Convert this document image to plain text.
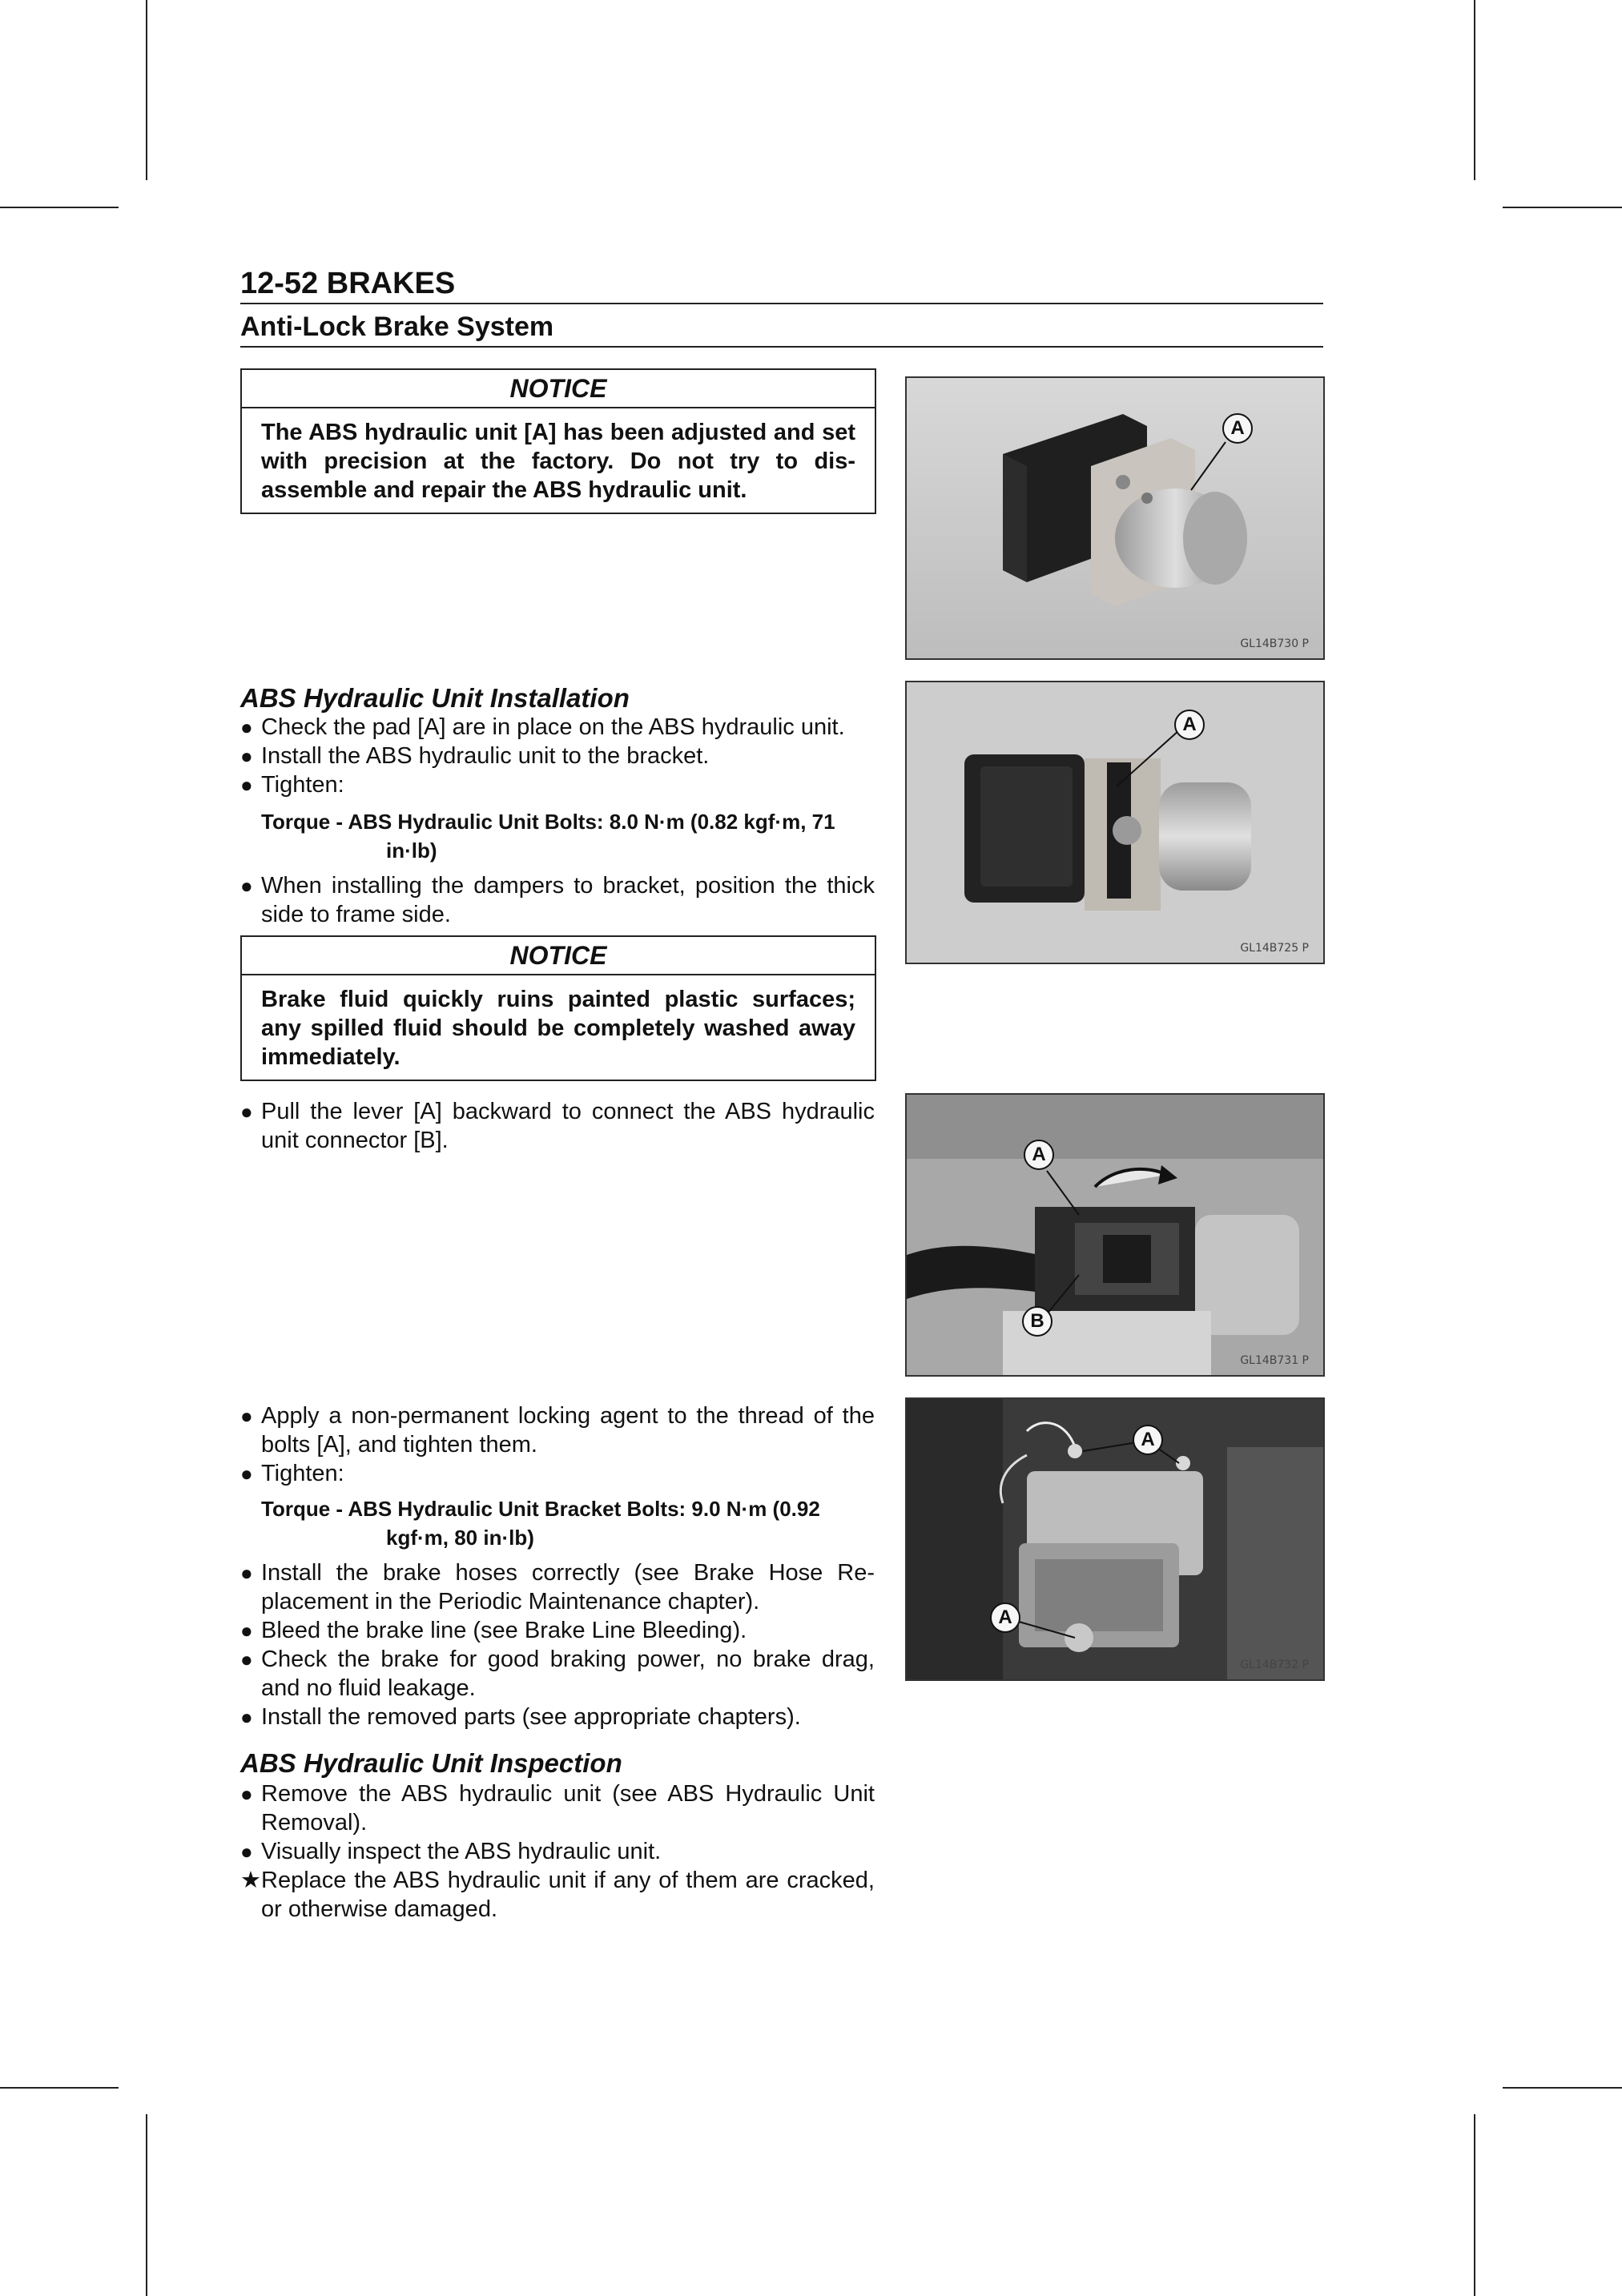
12-52 BRAKES
Anti-Lock Brake System
NOTICE
The ABS hydraulic unit [A] has been adjusted and set with precision at the factory. Do not try to dis-assemble and repair the ABS hydraulic unit.
ABS Hydraulic Unit Installation
● Check the pad [A] are in place on the ABS hydraulic unit.
● Install the ABS hydraulic unit to the bracket.
● Tighten:
Torque - ABS Hydraulic Unit Bolts: 8.0 N·m (0.82 kgf·m, 71
in·lb)
● When installing the dampers to bracket, position the thick side to frame side.
NOTICE
Brake fluid quickly ruins painted plastic surfaces; any spilled fluid should be completely washed away immediately.
● Pull the lever [A] backward to connect the ABS hydraulic unit connector [B].
● Apply a non-permanent locking agent to the thread of the bolts [A], and tighten them.
● Tighten:
Torque - ABS Hydraulic Unit Bracket Bolts: 9.0 N·m (0.92
kgf·m, 80 in·lb)
● Install the brake hoses correctly (see Brake Hose Re-placement in the Periodic Maintenance chapter).
● Bleed the brake line (see Brake Line Bleeding).
● Check the brake for good braking power, no brake drag, and no fluid leakage.
● Install the removed parts (see appropriate chapters).
ABS Hydraulic Unit Inspection
● Remove the ABS hydraulic unit (see ABS Hydraulic Unit Removal).
● Visually inspect the ABS hydraulic unit.
★ Replace the ABS hydraulic unit if any of them are cracked, or otherwise damaged.
A
GL14B730 P
A
GL14B725 P
A
B
GL14B731 P
A
A
GL14B732 P
